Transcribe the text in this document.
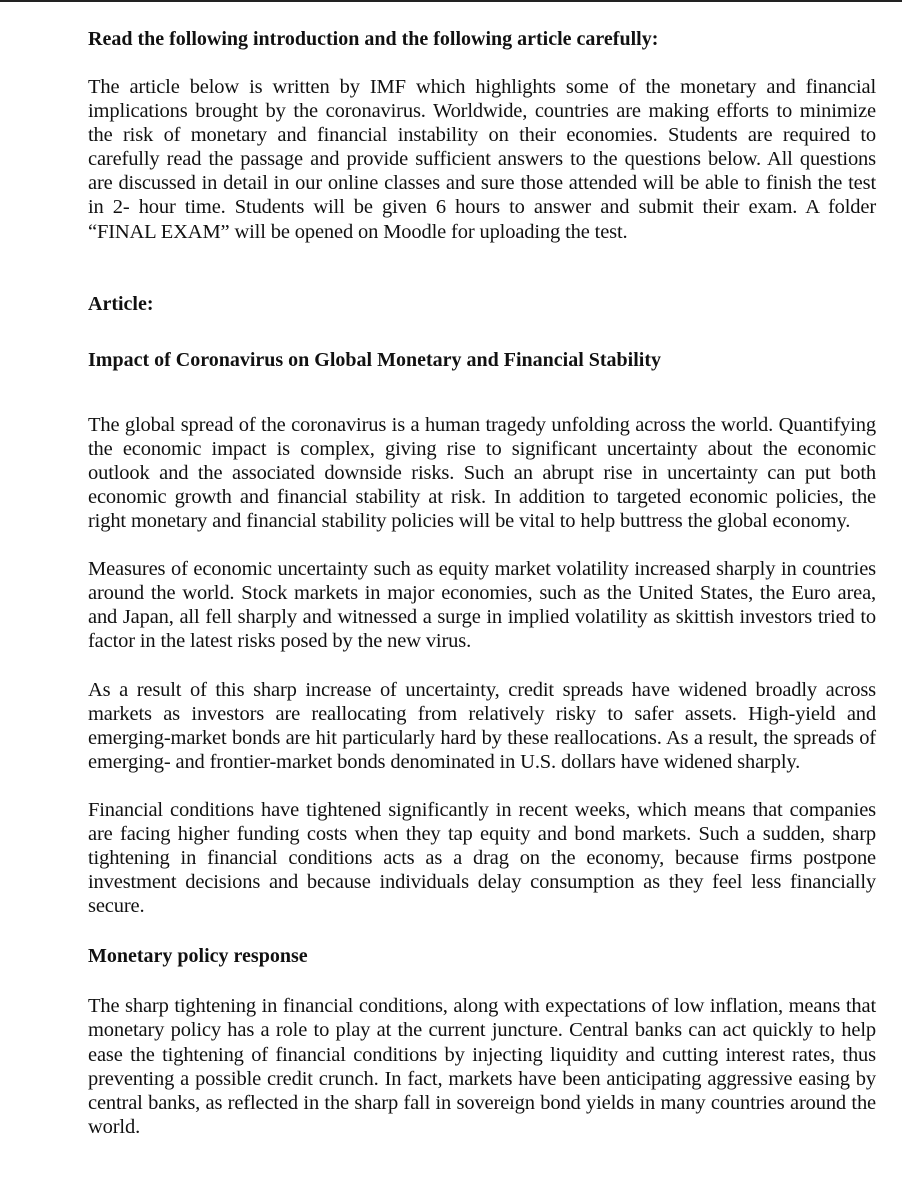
Read the following introduction and the following article carefully:

The article below is written by IMF which highlights some of the monetary and financial implications brought by the coronavirus. Worldwide, countries are making efforts to minimize the risk of monetary and financial instability on their economies. Students are required to carefully read the passage and provide sufficient answers to the questions below. All questions are discussed in detail in our online classes and sure those attended will be able to finish the test in 2- hour time. Students will be given 6 hours to answer and submit their exam. A folder “FINAL EXAM” will be opened on Moodle for uploading the test.

Article:
Impact of Coronavirus on Global Monetary and Financial Stability

The global spread of the coronavirus is a human tragedy unfolding across the world. Quantifying the economic impact is complex, giving rise to significant uncertainty about the economic outlook and the associated downside risks. Such an abrupt rise in uncertainty can put both economic growth and financial stability at risk. In addition to targeted economic policies, the right monetary and financial stability policies will be vital to help buttress the global economy.

Measures of economic uncertainty such as equity market volatility increased sharply in countries around the world. Stock markets in major economies, such as the United States, the Euro area, and Japan, all fell sharply and witnessed a surge in implied volatility as skittish investors tried to factor in the latest risks posed by the new virus.

As a result of this sharp increase of uncertainty, credit spreads have widened broadly across markets as investors are reallocating from relatively risky to safer assets. High-yield and emerging-market bonds are hit particularly hard by these reallocations. As a result, the spreads of emerging- and frontier-market bonds denominated in U.S. dollars have widened sharply.

Financial conditions have tightened significantly in recent weeks, which means that companies are facing higher funding costs when they tap equity and bond markets. Such a sudden, sharp tightening in financial conditions acts as a drag on the economy, because firms postpone investment decisions and because individuals delay consumption as they feel less financially secure.

Monetary policy response

The sharp tightening in financial conditions, along with expectations of low inflation, means that monetary policy has a role to play at the current juncture. Central banks can act quickly to help ease the tightening of financial conditions by injecting liquidity and cutting interest rates, thus preventing a possible credit crunch. In fact, markets have been anticipating aggressive easing by central banks, as reflected in the sharp fall in sovereign bond yields in many countries around the world.
